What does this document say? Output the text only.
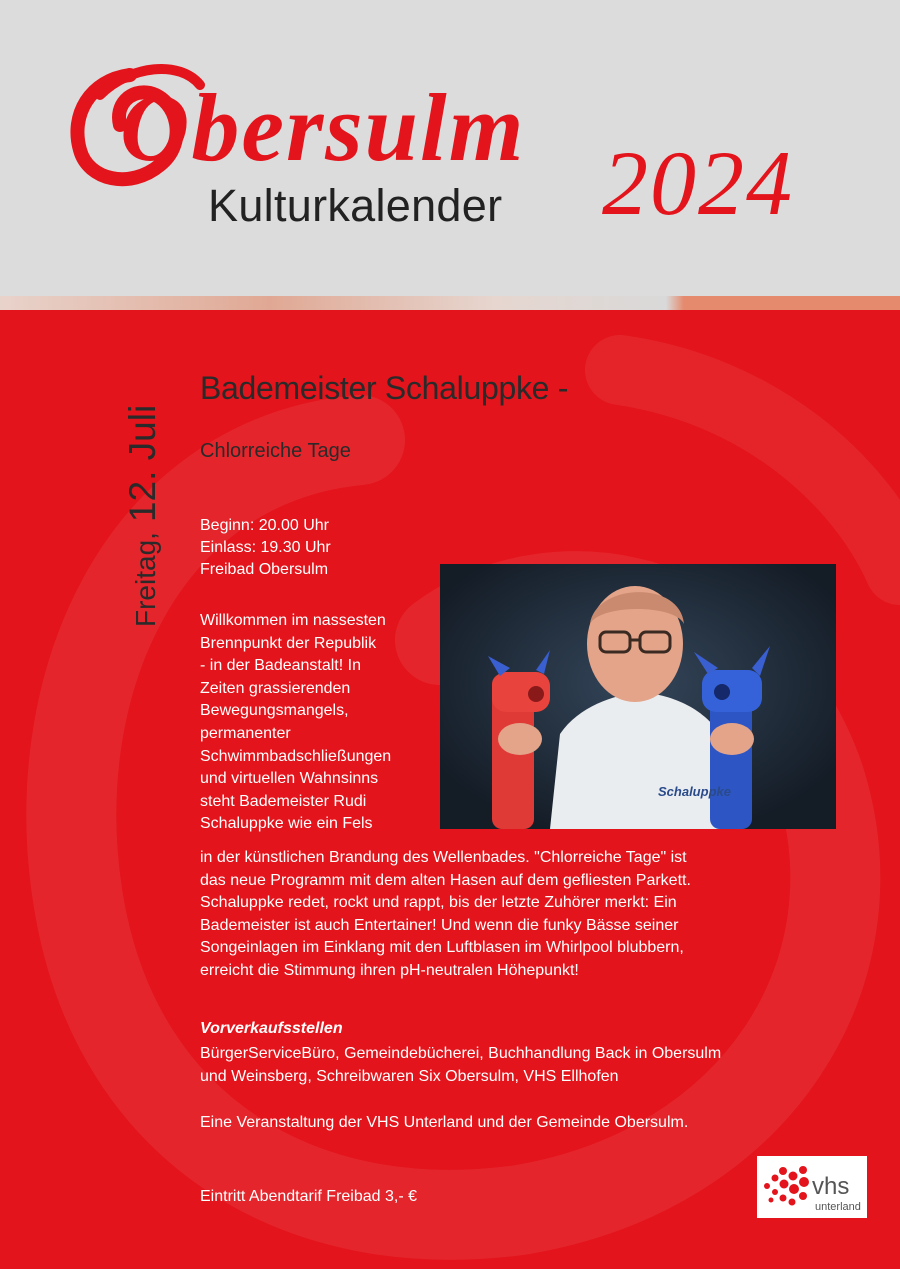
Obersulm
Kulturkalender 2024
Freitag,
12. Juli
Bademeister Schaluppke -
Chlorreiche Tage
Beginn: 20.00 Uhr
Einlass: 19.30 Uhr
Freibad Obersulm
Schaluppke
Willkommen im nassesten
Brennpunkt der Republik
- in der Badeanstalt! In
Zeiten grassierenden
Bewegungsmangels,
permanenter
Schwimmbadschließungen
und virtuellen Wahnsinns
steht Bademeister Rudi
Schaluppke wie ein Fels
in der künstlichen Brandung des Wellenbades. "Chlorreiche Tage" ist
das neue Programm mit dem alten Hasen auf dem gefliesten Parkett.
Schaluppke redet, rockt und rappt, bis der letzte Zuhörer merkt: Ein
Bademeister ist auch Entertainer! Und wenn die funky Bässe seiner
Songeinlagen im Einklang mit den Luftblasen im Whirlpool blubbern,
erreicht die Stimmung ihren pH-neutralen Höhepunkt!
Vorverkaufsstellen
BürgerServiceBüro, Gemeindebücherei, Buchhandlung Back in Obersulm
und Weinsberg, Schreibwaren Six Obersulm, VHS Ellhofen
Eine Veranstaltung der VHS Unterland und der Gemeinde Obersulm.
Eintritt Abendtarif Freibad 3,- €	vhs
unterland
